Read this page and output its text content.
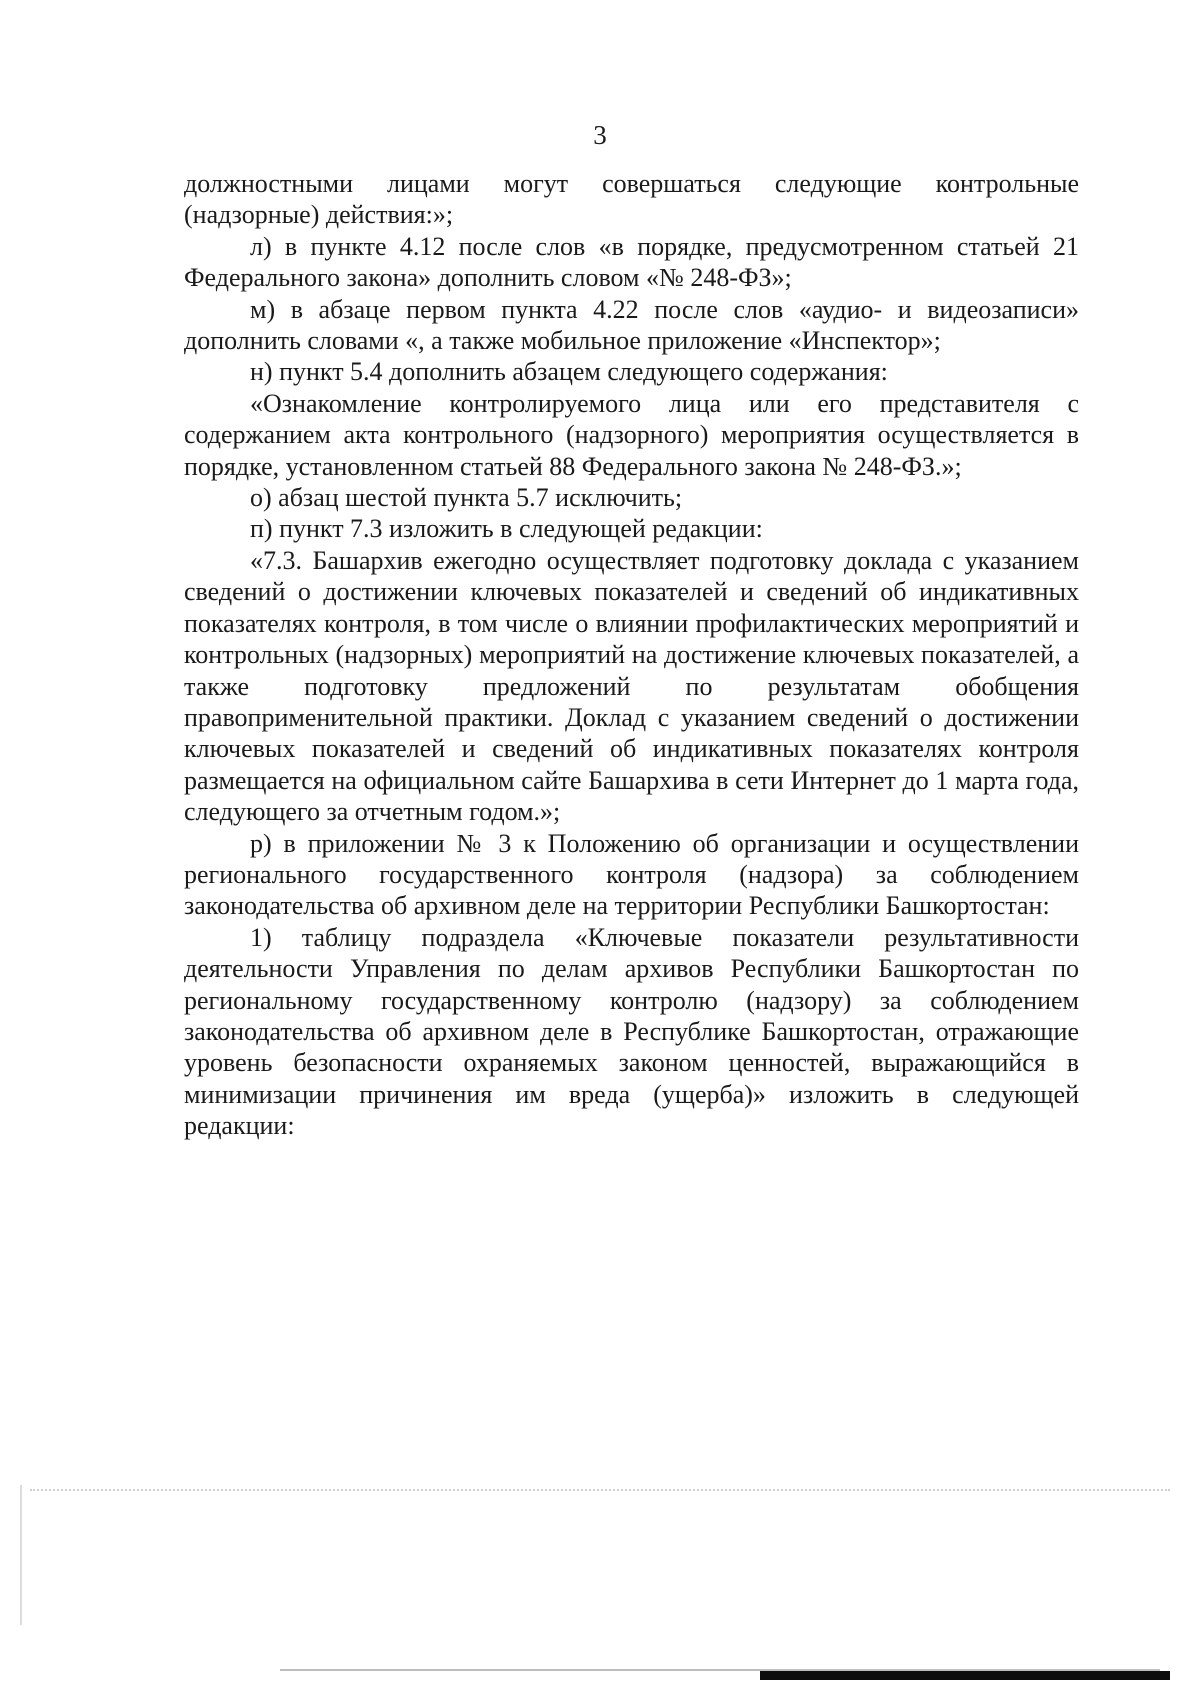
3

должностными лицами могут совершаться следующие контрольные (надзорные) действия:»;

л) в пункте 4.12 после слов «в порядке, предусмотренном статьей 21 Федерального закона» дополнить словом «№ 248-ФЗ»;

м) в абзаце первом пункта 4.22 после слов «аудио- и видеозаписи» дополнить словами «, а также мобильное приложение «Инспектор»;

н) пункт 5.4 дополнить абзацем следующего содержания:

«Ознакомление контролируемого лица или его представителя с содержанием акта контрольного (надзорного) мероприятия осуществляется в порядке, установленном статьей 88 Федерального закона № 248-ФЗ.»;

о) абзац шестой пункта 5.7 исключить;

п) пункт 7.3 изложить в следующей редакции:

«7.3. Башархив ежегодно осуществляет подготовку доклада с указанием сведений о достижении ключевых показателей и сведений об индикативных показателях контроля, в том числе о влиянии профилактических мероприятий и контрольных (надзорных) мероприятий на достижение ключевых показателей, а также подготовку предложений по результатам обобщения правоприменительной практики. Доклад с указанием сведений о достижении ключевых показателей и сведений об индикативных показателях контроля размещается на официальном сайте Башархива в сети Интернет до 1 марта года, следующего за отчетным годом.»;

р) в приложении № 3 к Положению об организации и осуществлении регионального государственного контроля (надзора) за соблюдением законодательства об архивном деле на территории Республики Башкортостан:

1) таблицу подраздела «Ключевые показатели результативности деятельности Управления по делам архивов Республики Башкортостан по региональному государственному контролю (надзору) за соблюдением законодательства об архивном деле в Республике Башкортостан, отражающие уровень безопасности охраняемых законом ценностей, выражающийся в минимизации причинения им вреда (ущерба)» изложить в следующей редакции:
